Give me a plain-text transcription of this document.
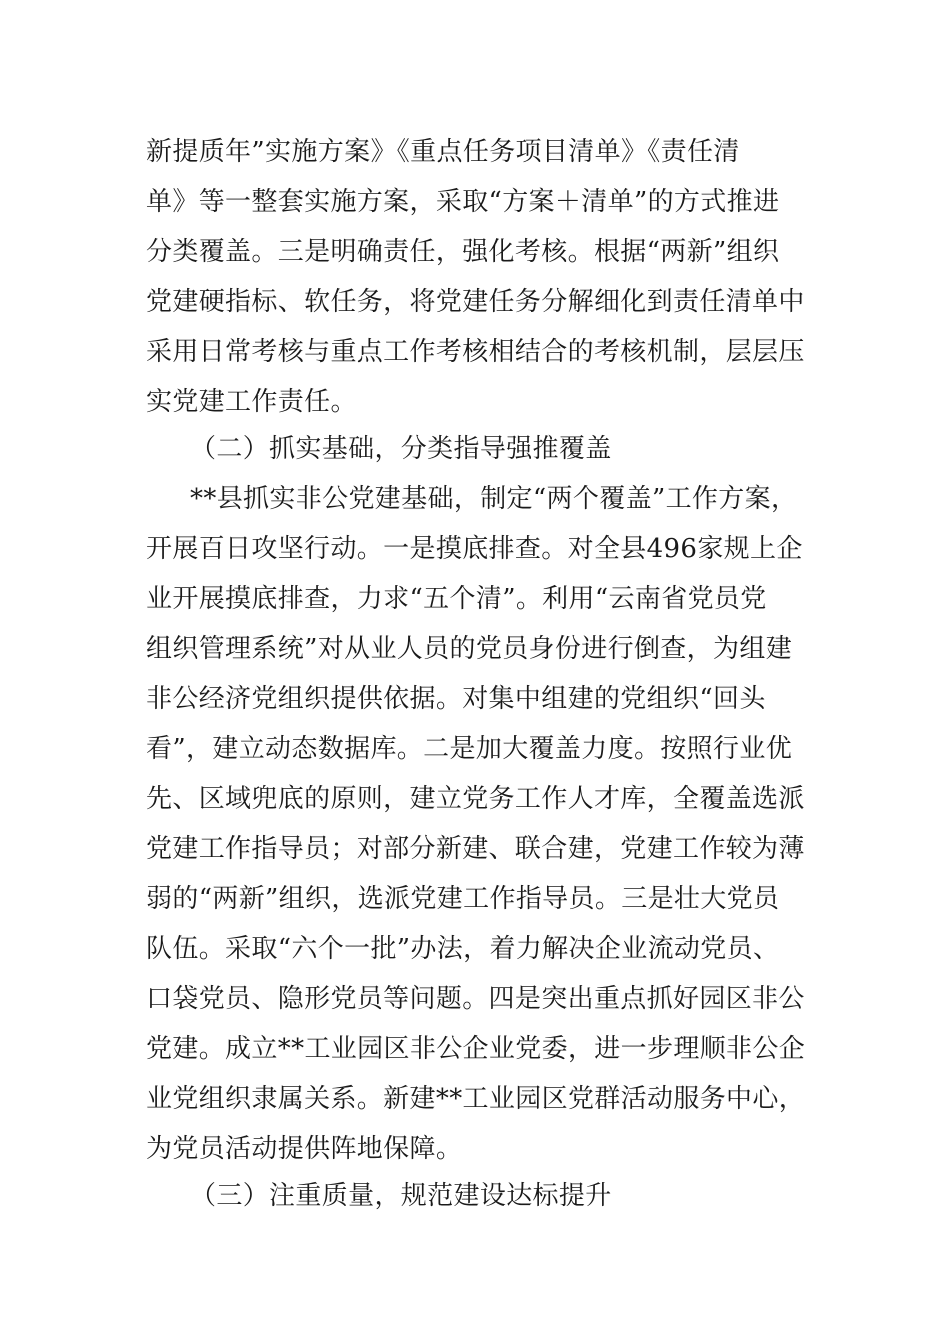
新提质年”实施方案》《重点任务项目清单》《责任清
单》等一整套实施方案，采取“方案＋清单”的方式推进
分类覆盖。三是明确责任，强化考核。根据“两新”组织
党建硬指标、软任务，将党建任务分解细化到责任清单中
采用日常考核与重点工作考核相结合的考核机制，层层压
实党建工作责任。
（二）抓实基础，分类指导强推覆盖
**县抓实非公党建基础，制定“两个覆盖”工作方案，
开展百日攻坚行动。一是摸底排查。对全县496家规上企
业开展摸底排查，力求“五个清”。利用“云南省党员党
组织管理系统”对从业人员的党员身份进行倒查，为组建
非公经济党组织提供依据。对集中组建的党组织“回头
看”，建立动态数据库。二是加大覆盖力度。按照行业优
先、区域兜底的原则，建立党务工作人才库，全覆盖选派
党建工作指导员；对部分新建、联合建，党建工作较为薄
弱的“两新”组织，选派党建工作指导员。三是壮大党员
队伍。采取“六个一批”办法，着力解决企业流动党员、
口袋党员、隐形党员等问题。四是突出重点抓好园区非公
党建。成立**工业园区非公企业党委，进一步理顺非公企
业党组织隶属关系。新建**工业园区党群活动服务中心，
为党员活动提供阵地保障。
（三）注重质量，规范建设达标提升
